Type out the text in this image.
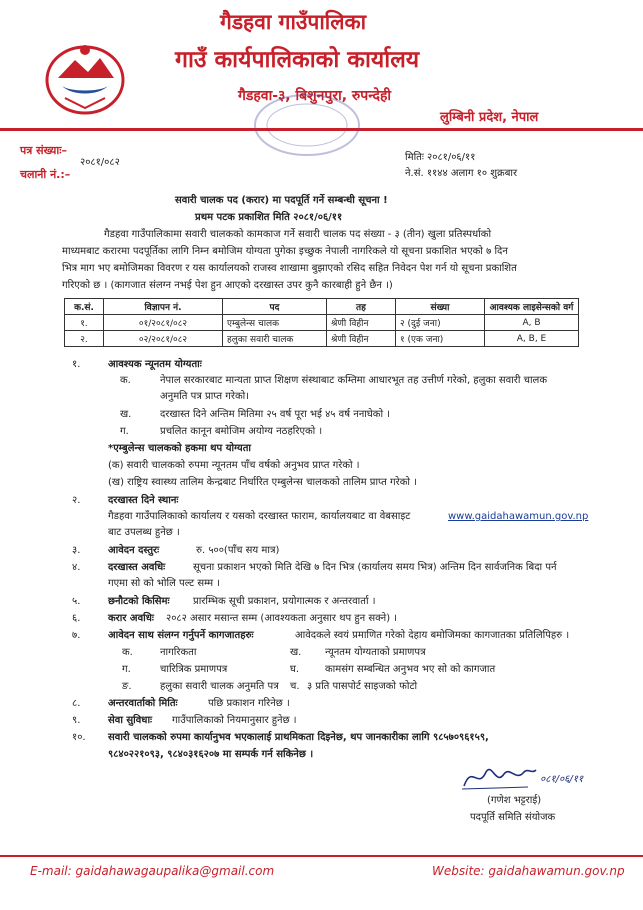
गैडहवा गाउँपालिका
गाउँ कार्यपालिकाको कार्यालय
गैडहवा-३, बिशुनपुरा, रुपन्देही
लुम्बिनी प्रदेश, नेपाल
पत्र संख्याः–
२०८१/०८२
चलानी नं.:–
मितिः २०८१/०६/११
ने.सं. ११४४ अलाग १० शुक्रबार
सवारी चालक पद (करार) मा पदपूर्ति गर्ने सम्बन्धी सूचना !
प्रथम पटक प्रकाशित मिति २०८१/०६/११
गैडहवा गाउँपालिकामा सवारी चालकको कामकाज गर्ने सवारी चालक पद संख्या - ३ (तीन) खुला प्रतिस्पर्धाको
माध्यमबाट करारमा पदपूर्तिका लागि निम्न बमोजिम योग्यता पुगेका इच्छुक नेपाली नागरिकले यो सूचना प्रकाशित भएको ७ दिन
भित्र माग भए बमोजिमका विवरण र यस कार्यालयको राजस्व शाखामा बुझाएको रसिद सहित निवेदन पेश गर्न यो सूचना प्रकाशित
गरिएको छ । (कागजात संलग्न नभई पेश हुन आएको दरखास्त उपर कुनै कारबाही हुने छैन ।)
क.सं.	विज्ञापन नं.	पद	तह	संख्या	आवश्यक लाइसेन्सको वर्ग
१.	०१/२०८१/०८२	एम्बुलेन्स चालक	श्रेणी विहीन	२ (दुई जना)	A, B
२.	०२/२०८१/०८२	हलुका सवारी चालक	श्रेणी विहीन	१ (एक जना)	A, B, E
१.	आवश्यक न्यूनतम योग्यताः
क.	नेपाल सरकारबाट मान्यता प्राप्त शिक्षण संस्थाबाट कम्तिमा आधारभूत तह उत्तीर्ण गरेको, हलुका सवारी चालक
अनुमति पत्र प्राप्त गरेको।
ख.	दरखास्त दिने अन्तिम मितिमा २५ वर्ष पूरा भई ४५ वर्ष ननाघेको ।
ग.	प्रचलित कानून बमोजिम अयोग्य नठहरिएको ।
*एम्बुलेन्स चालकको हकमा थप योग्यता
(क) सवारी चालकको रुपमा न्यूनतम पाँच वर्षको अनुभव प्राप्त गरेको ।
(ख) राष्ट्रिय स्वास्थ्य तालिम केन्द्रबाट निर्धारित एम्बुलेन्स चालकको तालिम प्राप्त गरेको ।
२.	दरखास्त दिने स्थानः
गैडहवा गाउँपालिकाको कार्यालय र यसको दरखास्त फाराम, कार्यालयबाट वा वेबसाइट	www.gaidahawamun.gov.np
बाट उपलब्ध हुनेछ ।
३.	आवेदन दस्तुरः	रु. ५००(पाँच सय मात्र)
४.	दरखास्त अवधिः	सूचना प्रकाशन भएको मिति देखि ७ दिन भित्र (कार्यालय समय भित्र) अन्तिम दिन सार्वजनिक बिदा पर्न
गएमा सो को भोलि पल्ट सम्म ।
५.	छनौटको किसिमः प्रारम्भिक सूची प्रकाशन, प्रयोगात्मक र अन्तरवार्ता ।
६.	करार अवधिः २०८२ असार मसान्त सम्म (आवश्यकता अनुसार थप हुन सक्ने) ।
७.	आवेदन साथ संलग्न गर्नुपर्ने कागजातहरुः	आवेदकले स्वयं प्रमाणित गरेको देहाय बमोजिमका कागजातका प्रतिलिपिहरु ।
क.	नागरिकता	ख. न्यूनतम योग्यताको प्रमाणपत्र
ग.	चारित्रिक प्रमाणपत्र	घ.	कामसंग सम्बन्धित अनुभव भए सो को कागजात
ङ.	हलुका सवारी चालक अनुमति पत्र च. ३ प्रति पासपोर्ट साइजको फोटो
८.	अन्तरवार्ताको मितिः	पछि प्रकाशन गरिनेछ ।
९.	सेवा सुविधाः गाउँपालिकाको नियमानुसार हुनेछ ।
१०. सवारी चालकको रुपमा कार्यानुभव भएकालाई प्राथमिकता दिइनेछ, थप जानकारीका लागि ९८५७०९६१५९,
९८४०२२१०९३, ९८४०३१६२०७ मा सम्पर्क गर्न सकिनेछ ।
०८१/०६/११
(गणेश भट्टराई)
पदपूर्ति समिति संयोजक
E-mail: gaidahawagaupalika@gmail.com	Website: gaidahawamun.gov.np
